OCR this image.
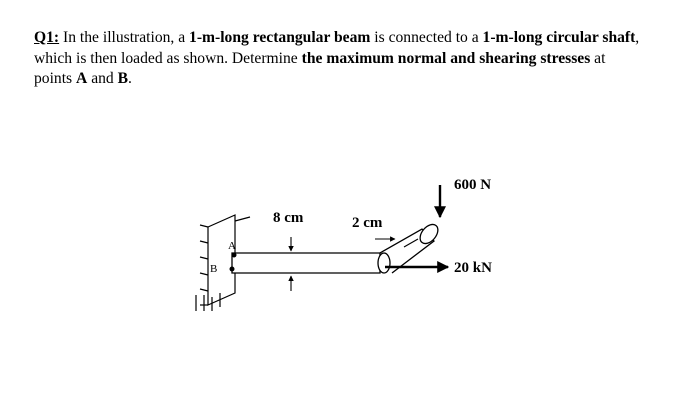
Q1: In the illustration, a 1-m-long rectangular beam is connected to a 1-m-long circular shaft, which is then loaded as shown. Determine the maximum normal and shearing stresses at points A and B.

8 cm	2 cm
600 N
20 kN
A
B
